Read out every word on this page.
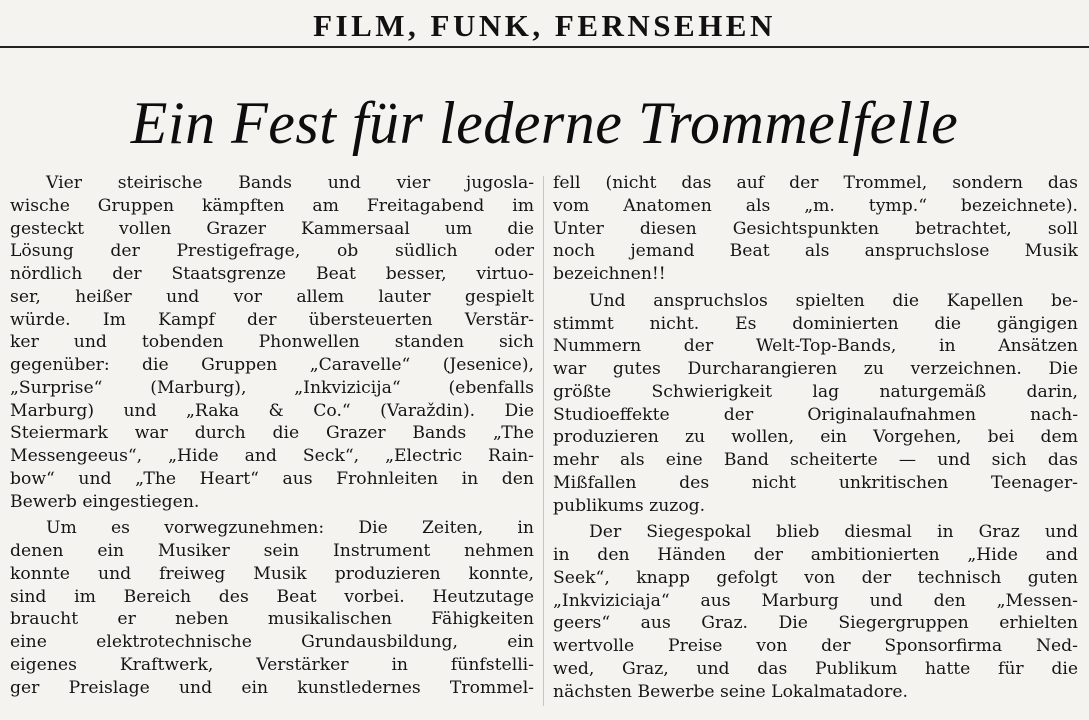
FILM, FUNK, FERNSEHEN
Ein Fest für lederne Trommelfelle
Vier steirische Bands und vier jugosla-
wische Gruppen kämpften am Freitagabend im
gesteckt vollen Grazer Kammersaal um die
Lösung der Prestigefrage, ob südlich oder
nördlich der Staatsgrenze Beat besser, virtuo-
ser, heißer und vor allem lauter gespielt
würde. Im Kampf der übersteuerten Verstär-
ker und tobenden Phonwellen standen sich
gegenüber: die Gruppen „Caravelle“ (Jesenice),
„Surprise“ (Marburg), „Inkvizicija“ (ebenfalls
Marburg) und „Raka & Co.“ (Varaždin). Die
Steiermark war durch die Grazer Bands „The
Messengeeus“, „Hide and Seck“, „Electric Rain-
bow“ und „The Heart“ aus Frohnleiten in den
Bewerb eingestiegen.
Um es vorwegzunehmen: Die Zeiten, in
denen ein Musiker sein Instrument nehmen
konnte und freiweg Musik produzieren konnte,
sind im Bereich des Beat vorbei. Heutzutage
braucht er neben musikalischen Fähigkeiten
eine elektrotechnische Grundausbildung, ein
eigenes Kraftwerk, Verstärker in fünfstelli-
ger Preislage und ein kunstledernes Trommel-
fell (nicht das auf der Trommel, sondern das
vom Anatomen als „m. tymp.“ bezeichnete).
Unter diesen Gesichtspunkten betrachtet, soll
noch jemand Beat als anspruchslose Musik
bezeichnen!!
Und anspruchslos spielten die Kapellen be-
stimmt nicht. Es dominierten die gängigen
Nummern der Welt-Top-Bands, in Ansätzen
war gutes Durcharangieren zu verzeichnen. Die
größte Schwierigkeit lag naturgemäß darin,
Studioeffekte der Originalaufnahmen nach-
produzieren zu wollen, ein Vorgehen, bei dem
mehr als eine Band scheiterte — und sich das
Mißfallen des nicht unkritischen Teenager-
publikums zuzog.
Der Siegespokal blieb diesmal in Graz und
in den Händen der ambitionierten „Hide and
Seek“, knapp gefolgt von der technisch guten
„Inkviziciaja“ aus Marburg und den „Messen-
geers“ aus Graz. Die Siegergruppen erhielten
wertvolle Preise von der Sponsorfirma Ned-
wed, Graz, und das Publikum hatte für die
nächsten Bewerbe seine Lokalmatadore.
